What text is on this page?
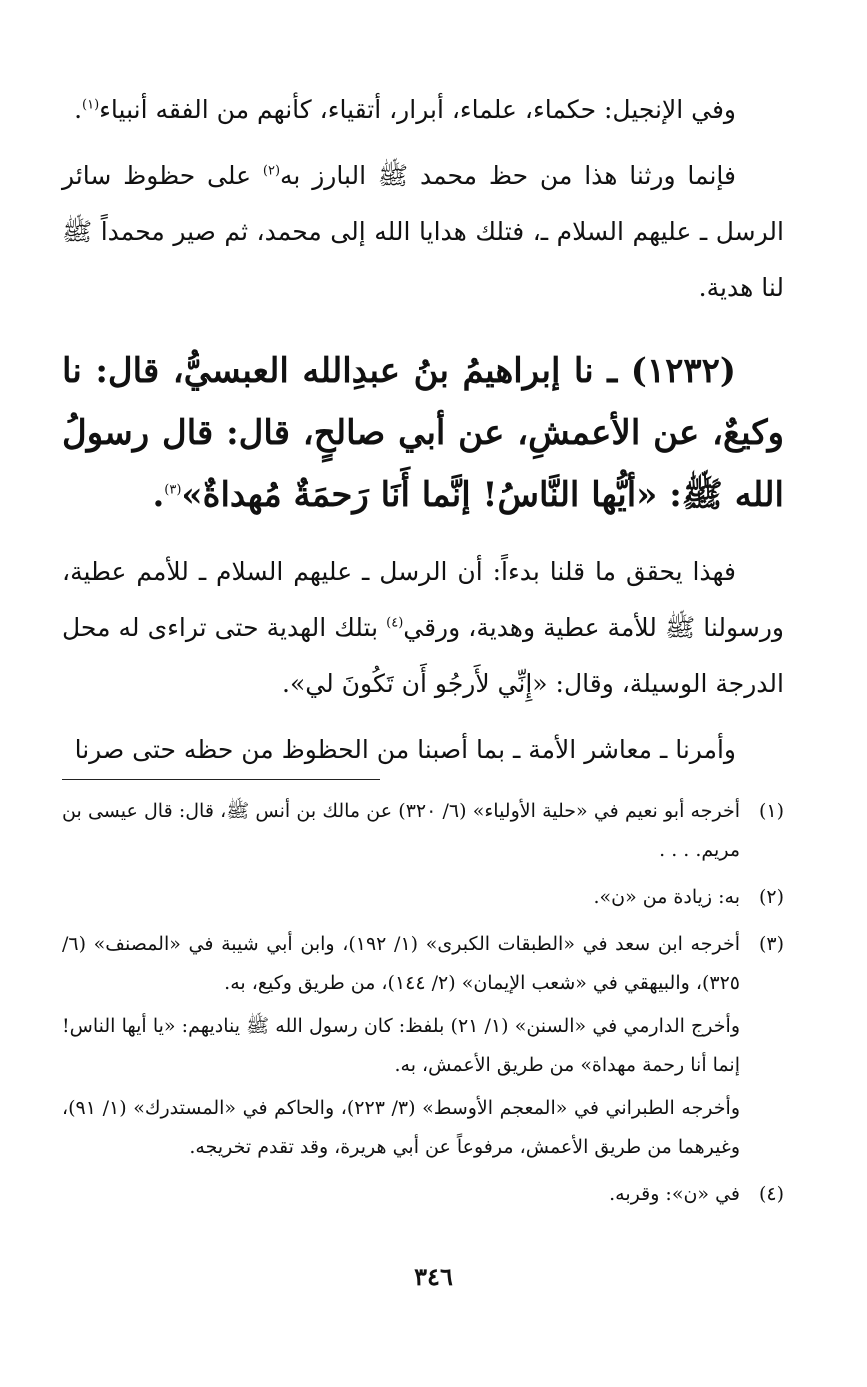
وفي الإنجيل: حكماء، علماء، أبرار، أتقياء، كأنهم من الفقه أنبياء$^{(١)}$.

فإنما ورثنا هذا من حظ محمد ﷺ البارز به$^{(٢)}$ على حظوظ سائر الرسل ـ عليهم السلام ـ، فتلك هدايا الله إلى محمد، ثم صير محمداً ﷺ لنا هدية.

(١٢٣٢) ـ نا إبراهيمُ بنُ عبدِالله العبسيُّ، قال: نا وكيعٌ، عن الأعمشِ، عن أبي صالحٍ، قال: قال رسولُ الله ﷺ: «أيُّها النَّاسُ! إنَّما أَنَا رَحمَةٌ مُهداةٌ»$^{(٣)}$.

فهذا يحقق ما قلنا بدءاً: أن الرسل ـ عليهم السلام ـ للأمم عطية، ورسولنا ﷺ للأمة عطية وهدية، ورقي$^{(٤)}$ بتلك الهدية حتى تراءى له محل الدرجة الوسيلة، وقال: «إِنِّي لأَرجُو أَن تَكُونَ لي».

وأمرنا ـ معاشر الأمة ـ بما أصبنا من الحظوظ من حظه حتى صرنا

(١)

أخرجه أبو نعيم في «حلية الأولياء» (٦/ ٣٢٠) عن مالك بن أنس ﷺ، قال: قال عيسى بن مريم. . . .

(٢)

به: زيادة من «ن».

(٣)

أخرجه ابن سعد في «الطبقات الكبرى» (١/ ١٩٢)، وابن أبي شيبة في «المصنف» (٦/ ٣٢٥)، والبيهقي في «شعب الإيمان» (٢/ ١٤٤)، من طريق وكيع، به.

وأخرج الدارمي في «السنن» (١/ ٢١) بلفظ: كان رسول الله ﷺ يناديهم: «يا أيها الناس! إنما أنا رحمة مهداة» من طريق الأعمش، به.

وأخرجه الطبراني في «المعجم الأوسط» (٣/ ٢٢٣)، والحاكم في «المستدرك» (١/ ٩١)، وغيرهما من طريق الأعمش، مرفوعاً عن أبي هريرة، وقد تقدم تخريجه.

(٤)

في «ن»: وقربه.

٣٤٦
